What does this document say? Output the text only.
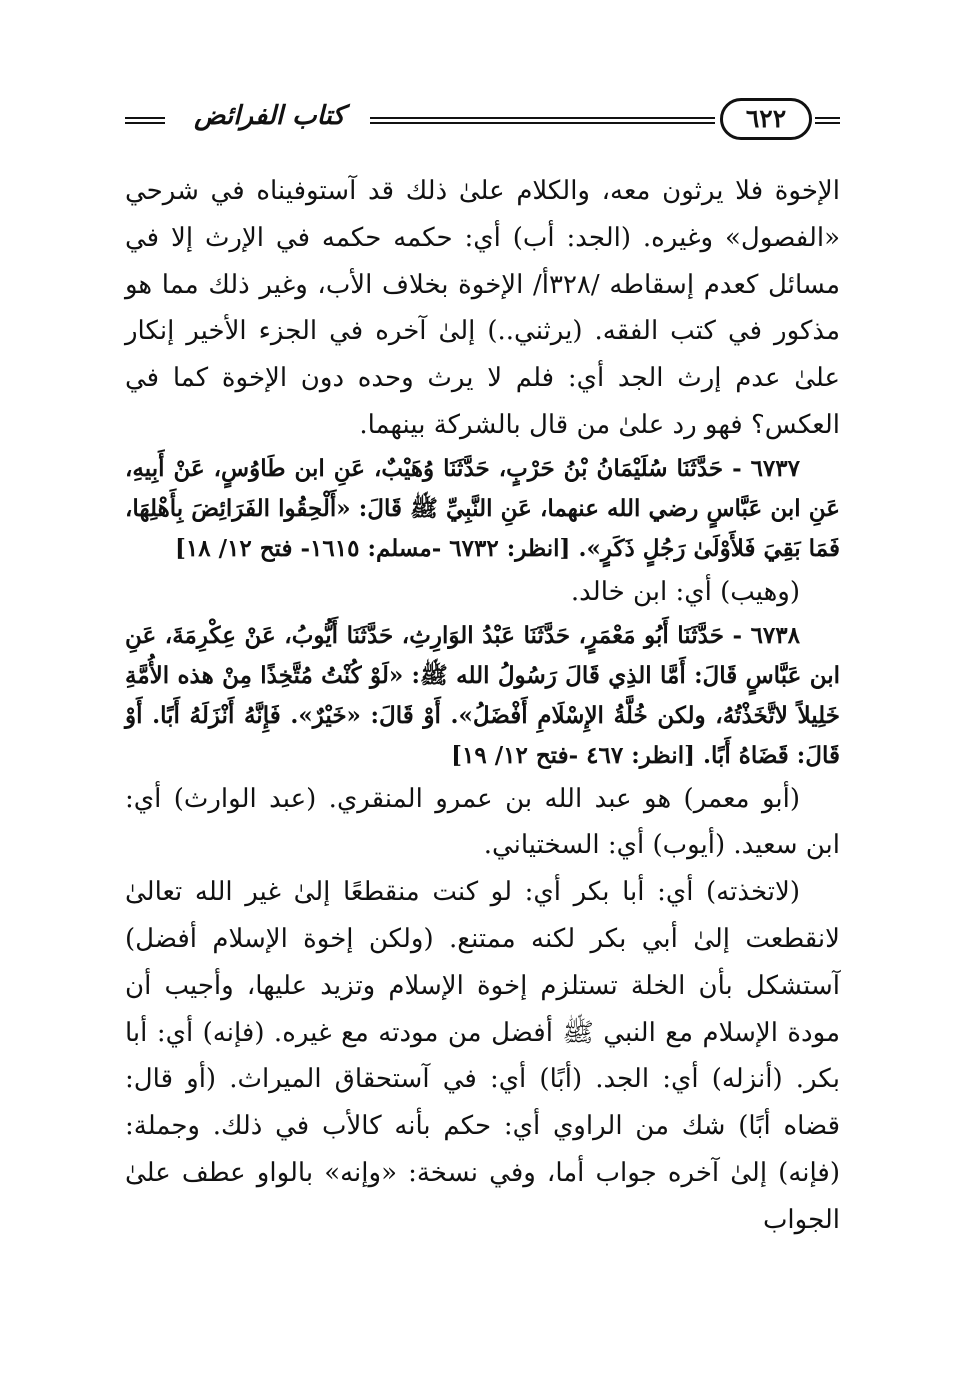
كتاب الفرائض	٦٢٢

الإخوة فلا يرثون معه، والكلام علىٰ ذلك قد آستوفيناه في شرحي «الفصول» وغيره. (الجد: أب) أي: حكمه حكمه في الإرث إلا في مسائل كعدم إسقاطه /٣٢٨أ/ الإخوة بخلاف الأب، وغير ذلك مما هو مذكور في كتب الفقه. (يرثني..) إلىٰ آخره في الجزء الأخير إنكار علىٰ عدم إرث الجد أي: فلم لا يرث وحده دون الإخوة كما في العكس؟ فهو رد علىٰ من قال بالشركة بينهما.

٦٧٣٧ - حَدَّثَنَا سُلَيْمَانُ بْنُ حَرْبٍ، حَدَّثَنَا وُهَيْبٌ، عَنِ ابن طَاوُسٍ، عَنْ أَبِيهِ، عَنِ ابن عَبَّاسٍ رضي الله عنهما، عَنِ النَّبِيِّ ﷺ قَالَ: «أَلْحِقُوا الفَرَائِضَ بِأَهْلِهَا، فَمَا بَقِيَ فَلأَوْلَىٰ رَجُلٍ ذَكَرٍ». [انظر: ٦٧٣٢ -مسلم: ١٦١٥- فتح ١٢/ ١٨]

(وهيب) أي: ابن خالد.

٦٧٣٨ - حَدَّثَنَا أَبُو مَعْمَرٍ، حَدَّثَنَا عَبْدُ الوَارِثِ، حَدَّثَنَا أَيُّوبُ، عَنْ عِكْرِمَةَ، عَنِ ابن عَبَّاسٍ قَالَ: أَمَّا الذِي قَالَ رَسُولُ الله ﷺ: «لَوْ كُنْتُ مُتَّخِذًا مِنْ هذه الأُمَّةِ خَلِيلاً لاتَّخَذْتُهُ، ولكن خُلَّةُ الإِسْلَامِ أَفْضَلُ». أَوْ قَالَ: «خَيْرٌ». فَإِنَّهُ أَنْزَلَهُ أَبًا. أَوْ قَالَ: قَضَاهُ أَبًا. [انظر: ٤٦٧ -فتح ١٢/ ١٩]

(أبو معمر) هو عبد الله بن عمرو المنقري. (عبد الوارث) أي: ابن سعيد. (أيوب) أي: السختياني.

(لاتخذته) أي: أبا بكر أي: لو كنت منقطعًا إلىٰ غير الله تعالىٰ لانقطعت إلىٰ أبي بكر لكنه ممتنع. (ولكن إخوة الإسلام أفضل) آستشكل بأن الخلة تستلزم إخوة الإسلام وتزيد عليها، وأجيب أن مودة الإسلام مع النبي ﷺ أفضل من مودته مع غيره. (فإنه) أي: أبا بكر. (أنزله) أي: الجد. (أبًا) أي: في آستحقاق الميراث. (أو قال: قضاه أبًا) شك من الراوي أي: حكم بأنه كالأب في ذلك. وجملة: (فإنه) إلىٰ آخره جواب أما، وفي نسخة: «وإنه» بالواو عطف علىٰ الجواب
